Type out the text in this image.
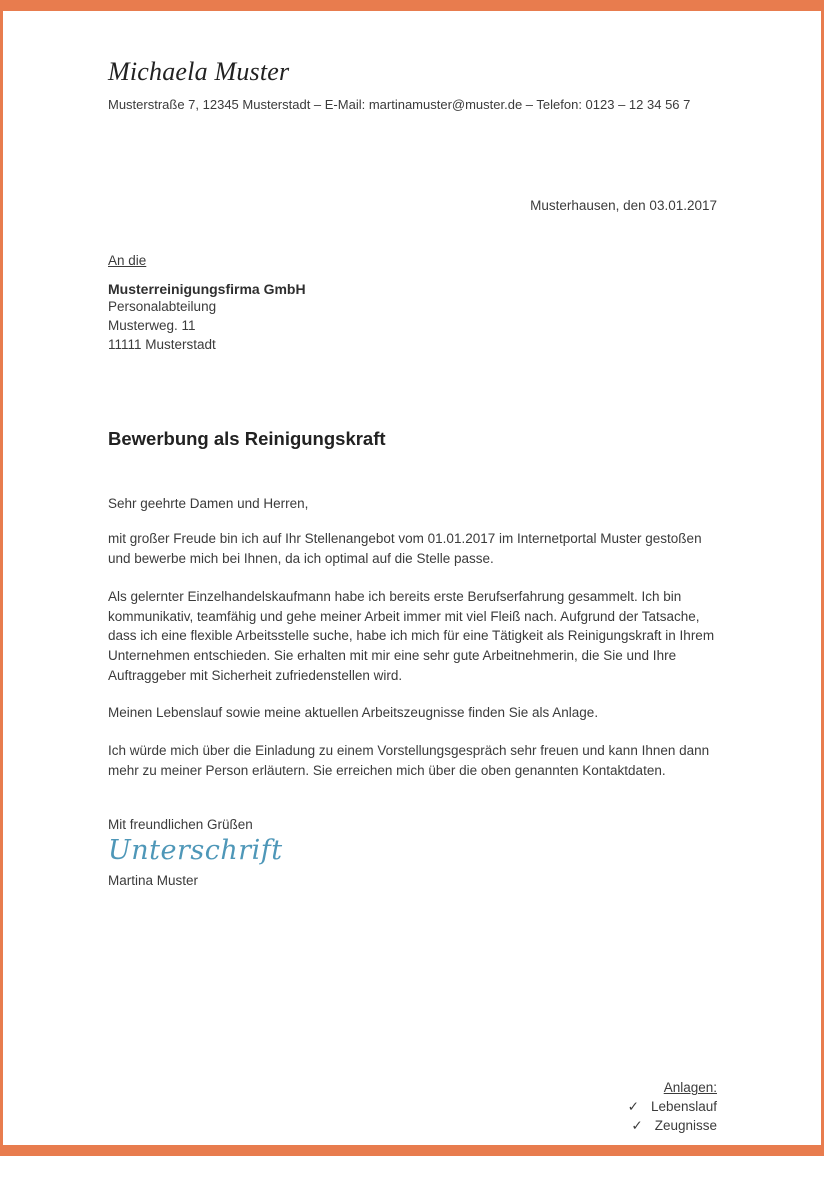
Michaela Muster
Musterstraße 7, 12345 Musterstadt – E-Mail: martinamuster@muster.de – Telefon: 0123 – 12 34 56 7
Musterhausen, den 03.01.2017
An die
Musterreinigungsfirma GmbH
Personalabteilung
Musterweg. 11
11111 Musterstadt
Bewerbung als Reinigungskraft

Sehr geehrte Damen und Herren,

mit großer Freude bin ich auf Ihr Stellenangebot vom 01.01.2017 im Internetportal Muster gestoßen und bewerbe mich bei Ihnen, da ich optimal auf die Stelle passe.

Als gelernter Einzelhandelskaufmann habe ich bereits erste Berufserfahrung gesammelt. Ich bin kommunikativ, teamfähig und gehe meiner Arbeit immer mit viel Fleiß nach. Aufgrund der Tatsache, dass ich eine flexible Arbeitsstelle suche, habe ich mich für eine Tätigkeit als Reinigungskraft in Ihrem Unternehmen entschieden. Sie erhalten mit mir eine sehr gute Arbeitnehmerin, die Sie und Ihre Auftraggeber mit Sicherheit zufriedenstellen wird.

Meinen Lebenslauf sowie meine aktuellen Arbeitszeugnisse finden Sie als Anlage.

Ich würde mich über die Einladung zu einem Vorstellungsgespräch sehr freuen und kann Ihnen dann mehr zu meiner Person erläutern. Sie erreichen mich über die oben genannten Kontaktdaten.

Mit freundlichen Grüßen

Unterschrift
Martina Muster
Anlagen:
✓ Lebenslauf
✓ Zeugnisse
